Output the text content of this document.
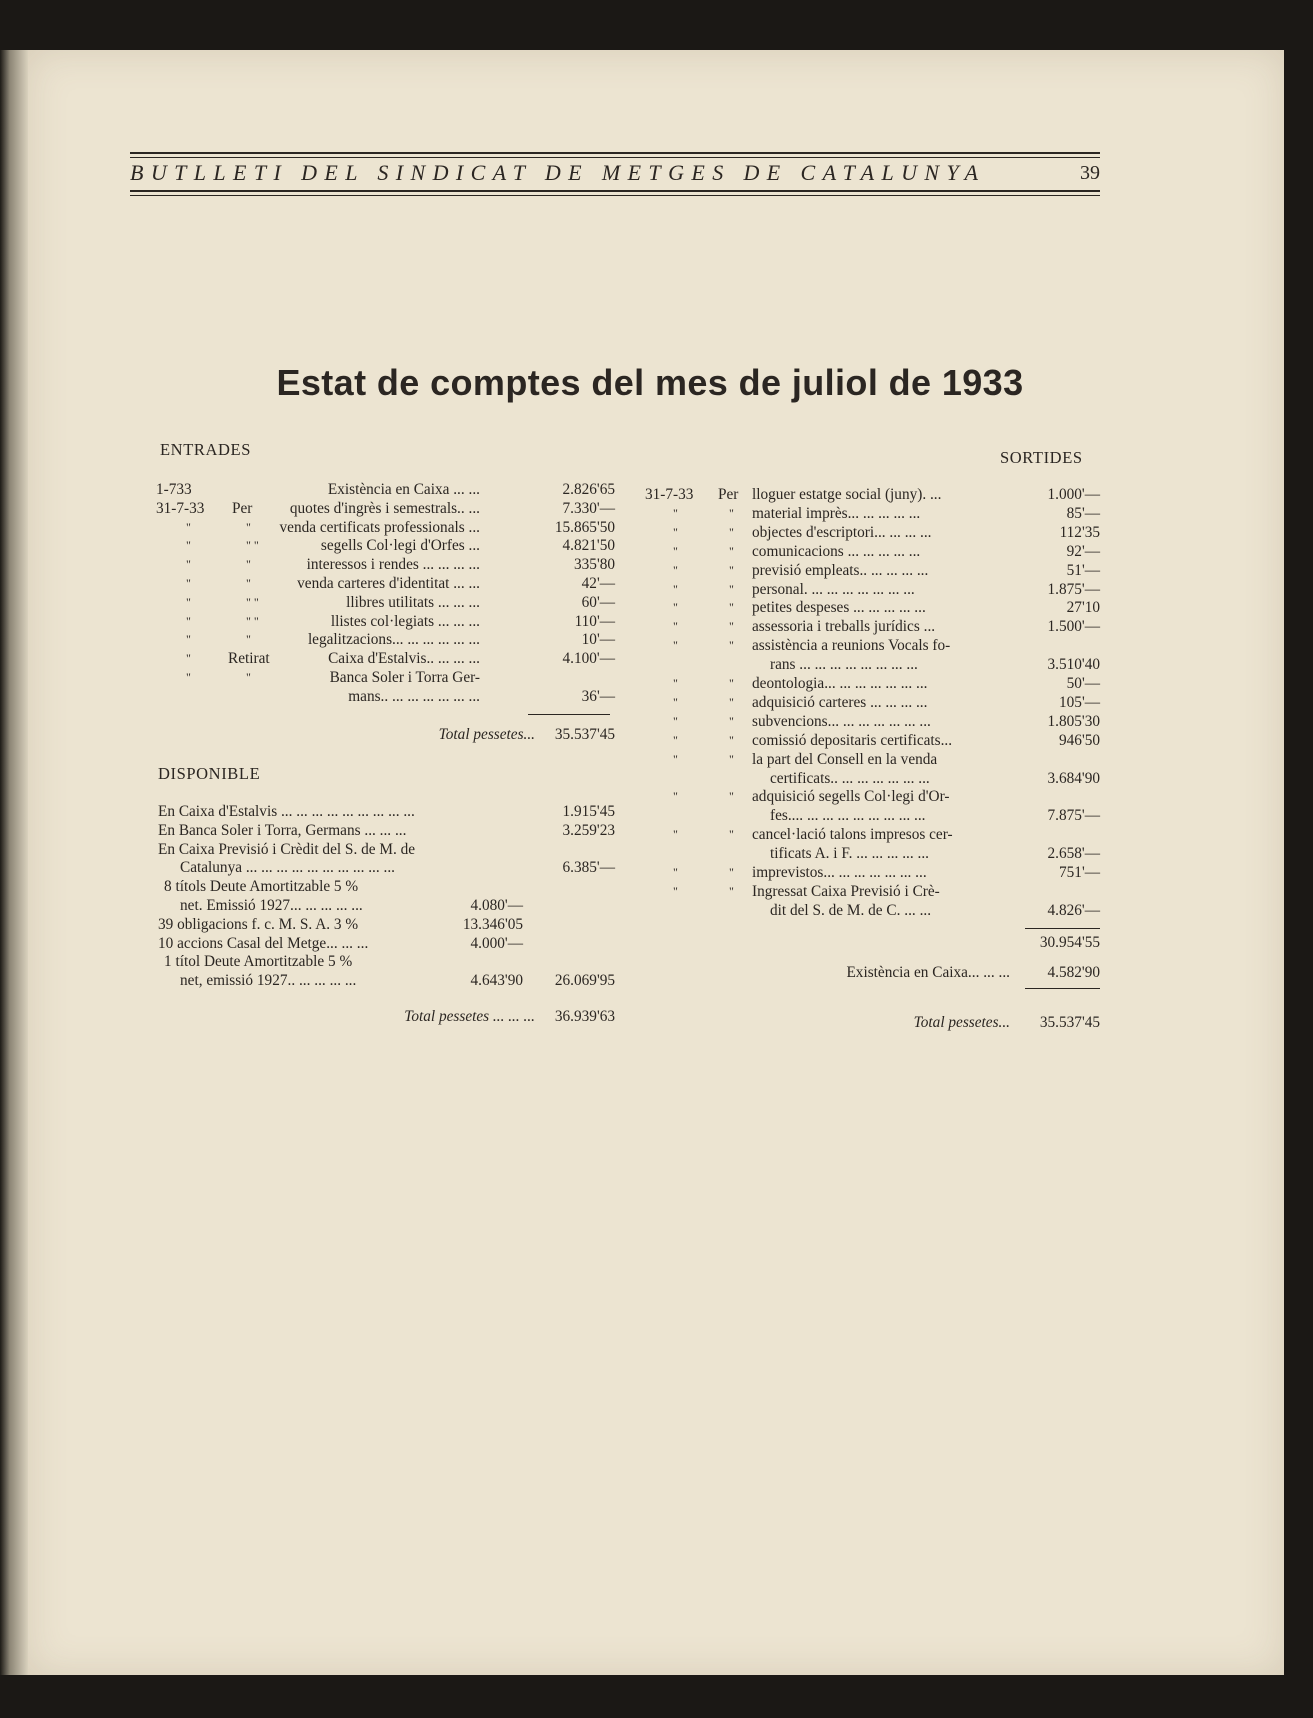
BUTLLETI DEL SINDICAT DE METGES DE CATALUNYA	39
Estat de comptes del mes de juliol de 1933
ENTRADES	SORTIDES
1-733	Existència en Caixa ... ...	2.826'65
31-7-33 Per quotes d'ingrès i semestrals.. ...	7.330'—
"	" venda certificats professionals ...	15.865'50
"	" "	segells Col·legi d'Orfes ...	4.821'50
"	"	interessos i rendes ... ... ... ...	335'80
"	"	venda carteres d'identitat ... ...	42'—
"	" "	llibres utilitats ... ... ...	60'—
"	" "	llistes col·legiats ... ... ...	110'—
"	"	legalitzacions... ... ... ... ... ...	10'—
" Retirat	Caixa d'Estalvis.. ... ... ...	4.100'—
"	"	Banca Soler i Torra Ger-
mans.. ... ... ... ... ... ...	36'—
Total pessetes... 35.537'45
DISPONIBLE
En Caixa d'Estalvis ... ... ... ... ... ... ... ... ...	1.915'45
En Banca Soler i Torra, Germans ... ... ...	3.259'23
En Caixa Previsió i Crèdit del S. de M. de
Catalunya ... ... ... ... ... ... ... ... ... ...	6.385'—
8 títols Deute Amortitzable 5 %
net. Emissió 1927... ... ... ... ...	4.080'—
39 obligacions f. c. M. S. A. 3 %	13.346'05
10 accions Casal del Metge... ... ...	4.000'—
1 títol Deute Amortitzable 5 %
net, emissió 1927.. ... ... ... ...	4.643'90 26.069'95
Total pessetes ... ... ... 36.939'63
31-7-33 Per lloguer estatge social (juny). ...	1.000'—
"	" material imprès... ... ... ... ...	85'—
"	" objectes d'escriptori... ... ... ...	112'35
"	" comunicacions ... ... ... ... ...	92'—
"	" previsió empleats.. ... ... ... ...	51'—
"	" personal. ... ... ... ... ... ... ...	1.875'—
"	" petites despeses ... ... ... ... ...	27'10
"	" assessoria i treballs jurídics ...	1.500'—
"	" assistència a reunions Vocals fo-
rans ... ... ... ... ... ... ... ...	3.510'40
"	" deontologia... ... ... ... ... ... ...	50'—
"	" adquisició carteres ... ... ... ...	105'—
"	" subvencions... ... ... ... ... ... ...	1.805'30
"	" comissió depositaris certificats...	946'50
"	" la part del Consell en la venda
certificats.. ... ... ... ... ... ...	3.684'90
"	" adquisició segells Col·legi d'Or-
fes.... ... ... ... ... ... ... ... ...	7.875'—
"	" cancel·lació talons impresos cer-
tificats A. i F. ... ... ... ... ...	2.658'—
"	" imprevistos... ... ... ... ... ... ...	751'—
"	" Ingressat Caixa Previsió i Crè-
dit del S. de M. de C. ... ...	4.826'—
30.954'55
Existència en Caixa... ... ... 4.582'90
Total pessetes... 35.537'45
